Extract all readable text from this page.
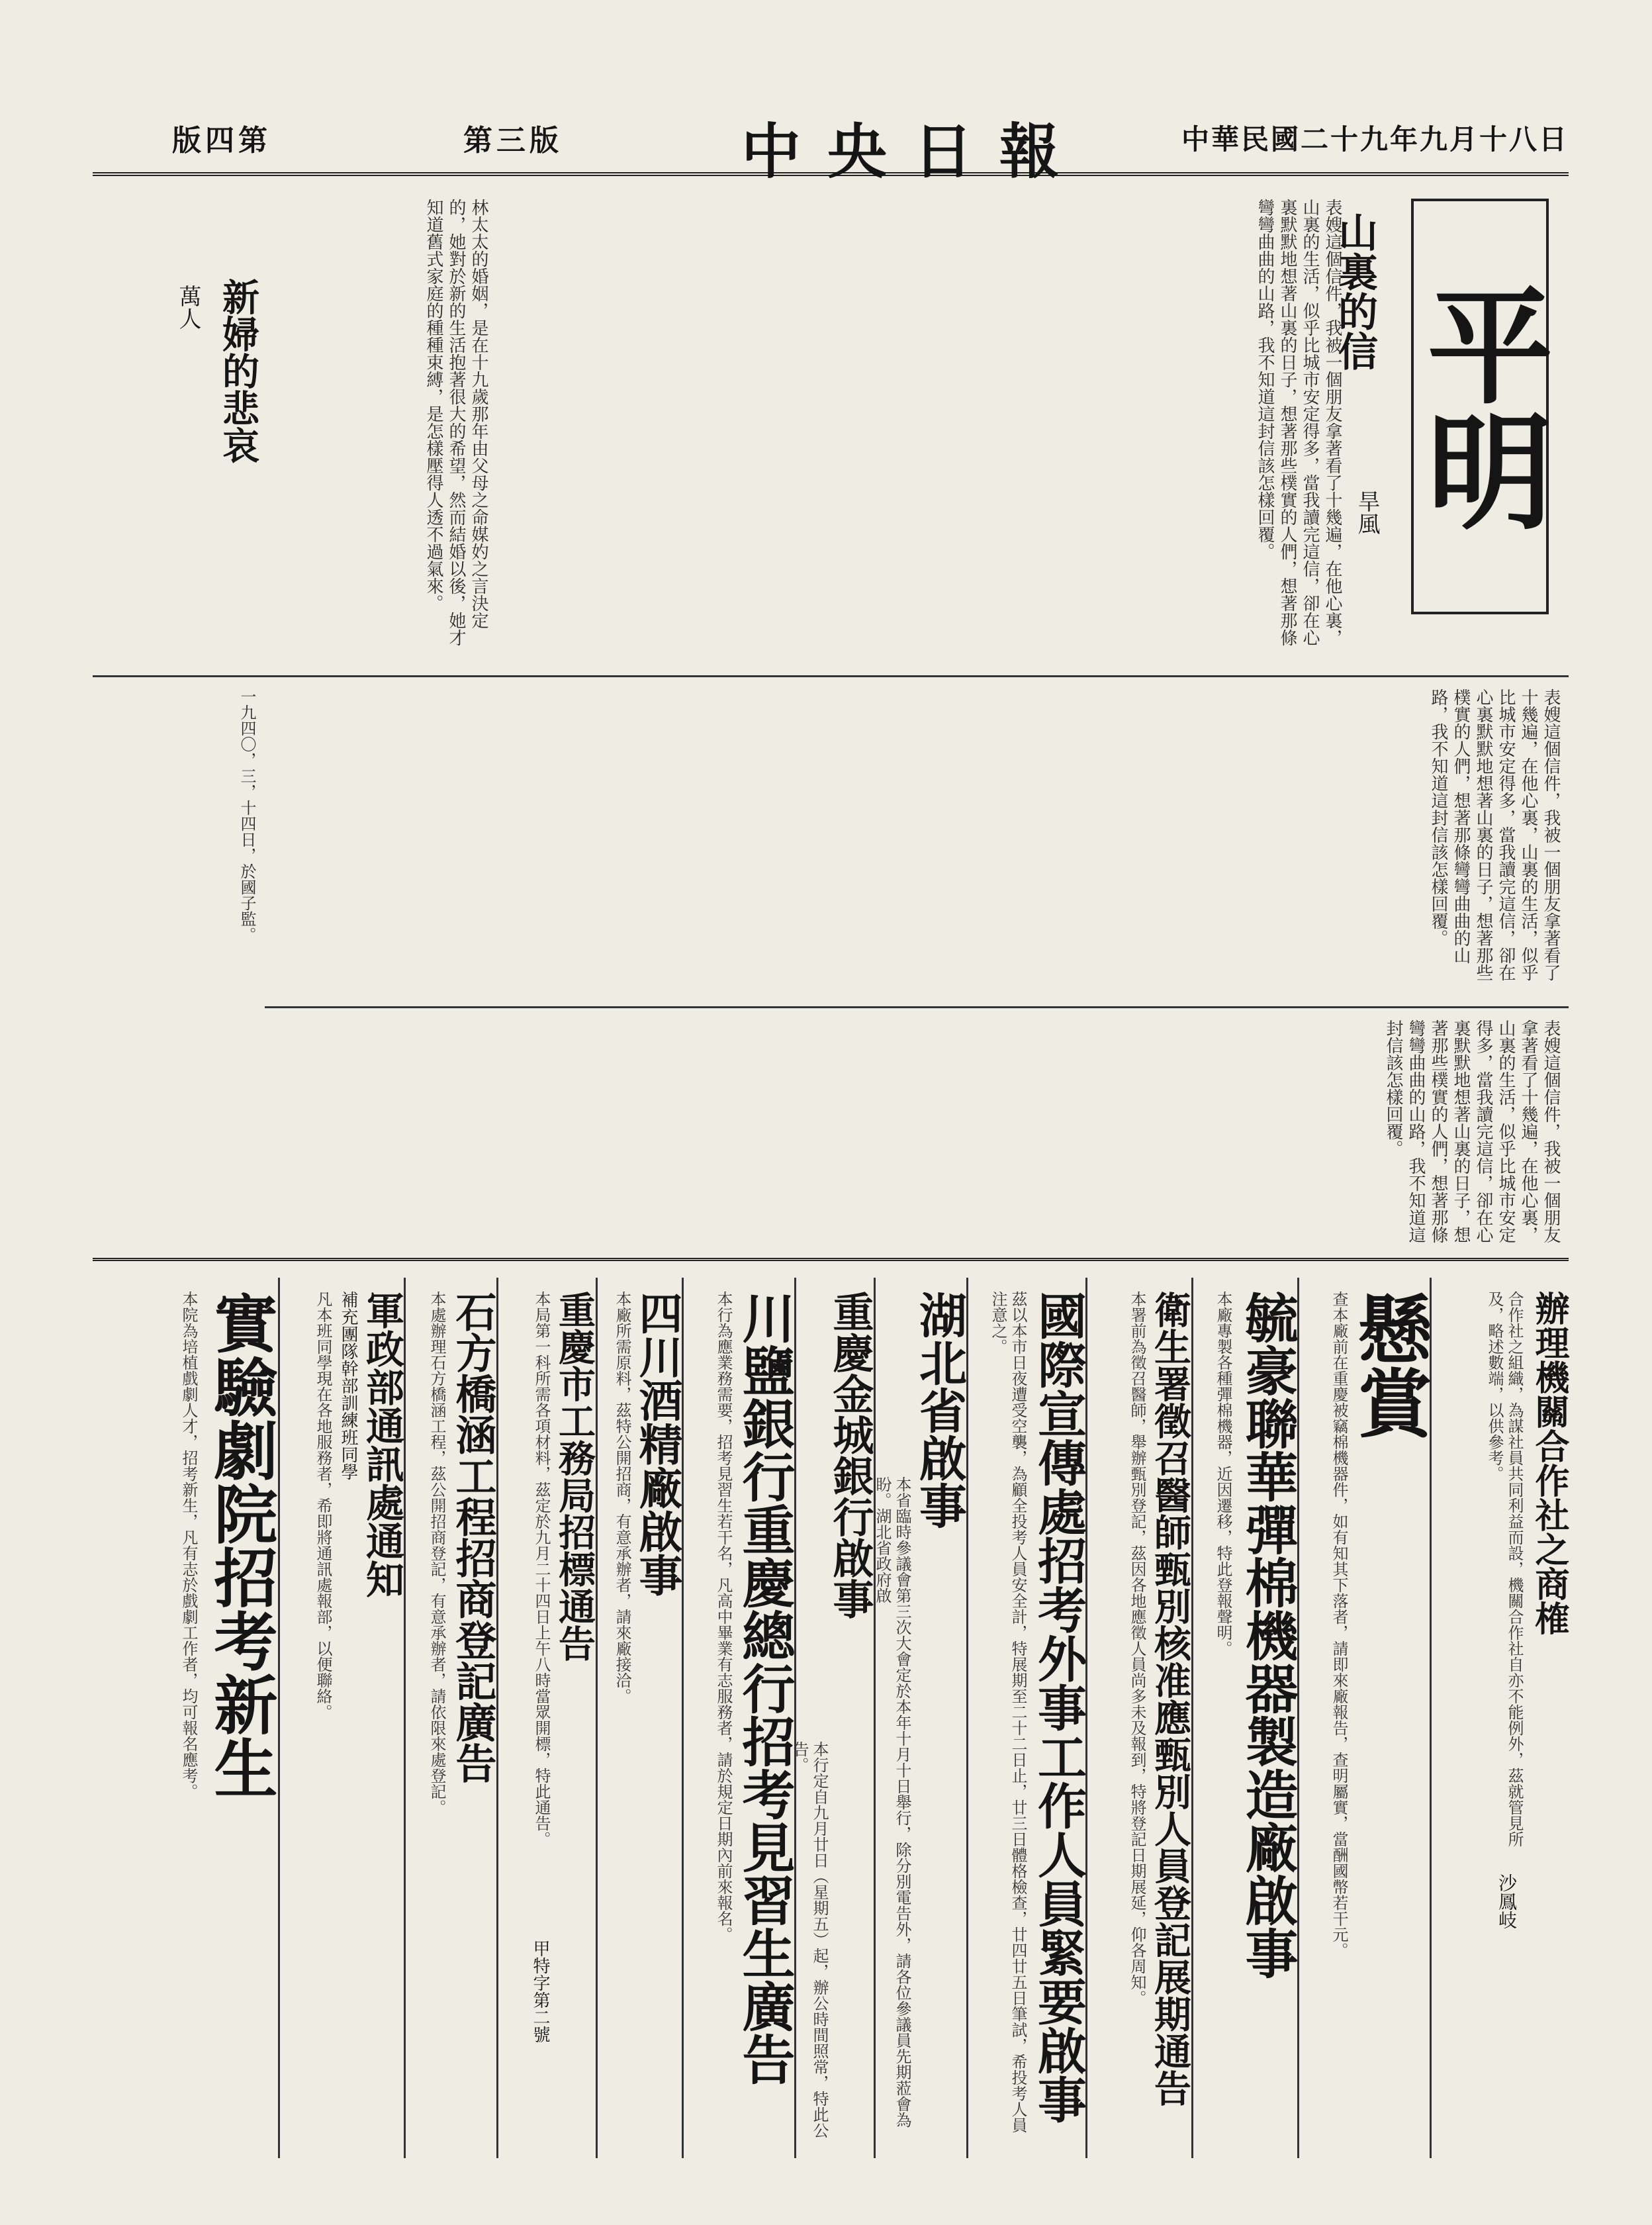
中華民國二十九年九月十八日
中央日報
第三版
版四第
平明
山裏的信
旱風
表嫂這個信件，我被一個朋友拿著看了十幾遍，在他心裏，山裏的生活，似乎比城市安定得多，當我讀完這信，卻在心裏默默地想著山裏的日子，想著那些樸實的人們，想著那條彎彎曲曲的山路，我不知道這封信該怎樣回覆。
表嫂這個信件，我被一個朋友拿著看了十幾遍，在他心裏，山裏的生活，似乎比城市安定得多，當我讀完這信，卻在心裏默默地想著山裏的日子，想著那些樸實的人們，想著那條彎彎曲曲的山路，我不知道這封信該怎樣回覆。
表嫂這個信件，我被一個朋友拿著看了十幾遍，在他心裏，山裏的生活，似乎比城市安定得多，當我讀完這信，卻在心裏默默地想著山裏的日子，想著那些樸實的人們，想著那條彎彎曲曲的山路，我不知道這封信該怎樣回覆。
新婦的悲哀
萬人	林太太的婚姻，是在十九歲那年由父母之命媒妁之言決定的，她對於新的生活抱著很大的希望，然而結婚以後，她才知道舊式家庭的種種束縛，是怎樣壓得人透不過氣來。
一九四〇，三，十四日，於國子監。
辦理機關合作社之商榷
沙鳳岐
合作社之組織，為謀社員共同利益而設，機關合作社自亦不能例外，茲就管見所及，略述數端，以供參考。
懸賞
查本廠前在重慶被竊棉機器件，如有知其下落者，請即來廠報告，查明屬實，當酬國幣若干元。
毓豪聯華彈棉機器製造廠啟事
本廠專製各種彈棉機器，近因遷移，特此登報聲明。
衛生署徵召醫師甄別核准應甄別人員登記展期通告
本署前為徵召醫師，舉辦甄別登記，茲因各地應徵人員尚多未及報到，特將登記日期展延，仰各周知。
國際宣傳處招考外事工作人員緊要啟事
茲以本市日夜遭受空襲，為顧全投考人員安全計，特展期至二十二日止，廿三日體格檢查，廿四廿五日筆試，希投考人員注意之。
湖北省啟事
本省臨時參議會第三次大會定於本年十月十日舉行，除分別電告外，請各位參議員先期蒞會為盼。湖北省政府啟
重慶金城銀行啟事
本行定自九月廿日（星期五）起，辦公時間照常，特此公告。
川鹽銀行重慶總行招考見習生廣告
本行為應業務需要，招考見習生若干名，凡高中畢業有志服務者，請於規定日期內前來報名。
四川酒精廠啟事
本廠所需原料，茲特公開招商，有意承辦者，請來廠接洽。
重慶市工務局招標通告
甲特字第二號
本局第一科所需各項材料，茲定於九月二十四日上午八時當眾開標，特此通告。
石方橋涵工程招商登記廣告
本處辦理石方橋涵工程，茲公開招商登記，有意承辦者，請依限來處登記。
軍政部通訊處通知
補充團隊幹部訓練班同學
凡本班同學現在各地服務者，希即將通訊處報部，以便聯絡。
實驗劇院招考新生
本院為培植戲劇人才，招考新生，凡有志於戲劇工作者，均可報名應考。
